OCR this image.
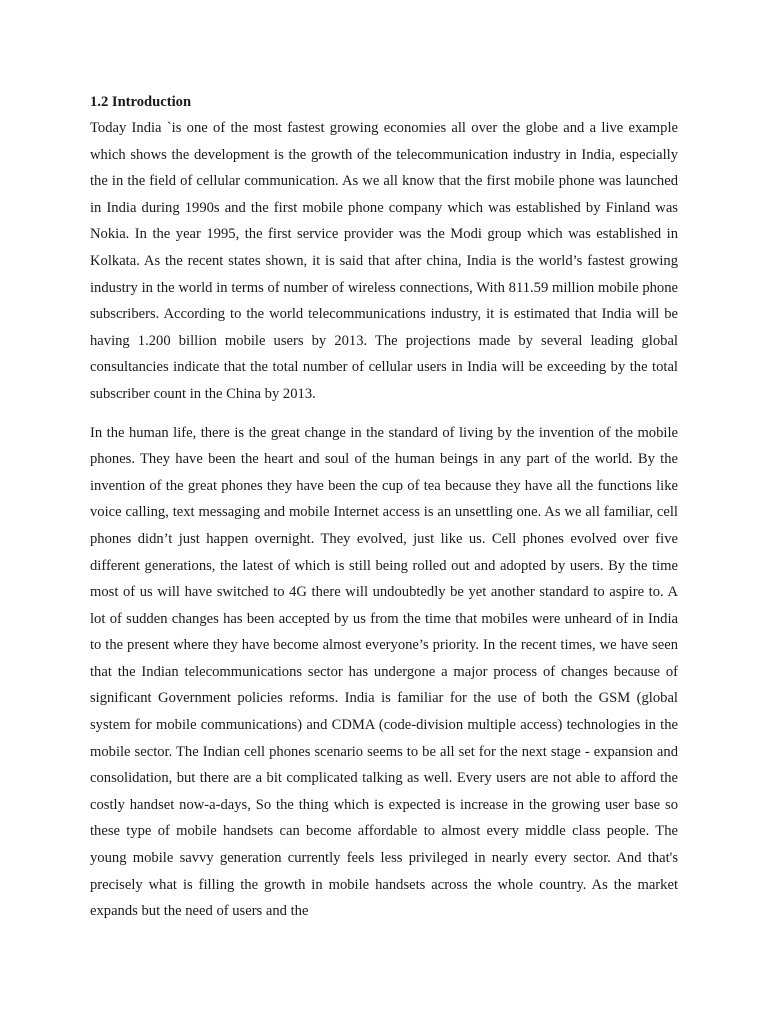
1.2 Introduction

Today India `is one of the most fastest growing economies all over the globe and a live example which shows the development is the growth of the telecommunication industry in India, especially the in the field of cellular communication. As we all know that the first mobile phone was launched in India during 1990s and the first mobile phone company which was established by Finland was Nokia. In the year 1995, the first service provider was the Modi group which was established in Kolkata. As the recent states shown, it is said that after china, India is the world’s fastest growing industry in the world in terms of number of wireless connections, With 811.59 million mobile phone subscribers. According to the world telecommunications industry, it is estimated that India will be having 1.200 billion mobile users by 2013. The projections made by several leading global consultancies indicate that the total number of cellular users in India will be exceeding by the total subscriber count in the China by 2013.

In the human life, there is the great change in the standard of living by the invention of the mobile phones. They have been the heart and soul of the human beings in any part of the world. By the invention of the great phones they have been the cup of tea because they have all the functions like voice calling, text messaging and mobile Internet access is an unsettling one. As we all familiar, cell phones didn’t just happen overnight. They evolved, just like us. Cell phones evolved over five different generations, the latest of which is still being rolled out and adopted by users. By the time most of us will have switched to 4G there will undoubtedly be yet another standard to aspire to. A lot of sudden changes has been accepted by us from the time that mobiles were unheard of in India to the present where they have become almost everyone’s priority. In the recent times, we have seen that the Indian telecommunications sector has undergone a major process of changes because of significant Government policies reforms. India is familiar for the use of both the GSM (global system for mobile communications) and CDMA (code-division multiple access) technologies in the mobile sector. The Indian cell phones scenario seems to be all set for the next stage - expansion and consolidation, but there are a bit complicated talking as well. Every users are not able to afford the costly handset now-a-days, So the thing which is expected is increase in the growing user base so these type of mobile handsets can become affordable to almost every middle class people. The young mobile savvy generation currently feels less privileged in nearly every sector. And that's precisely what is filling the growth in mobile handsets across the whole country. As the market expands but the need of users and the
